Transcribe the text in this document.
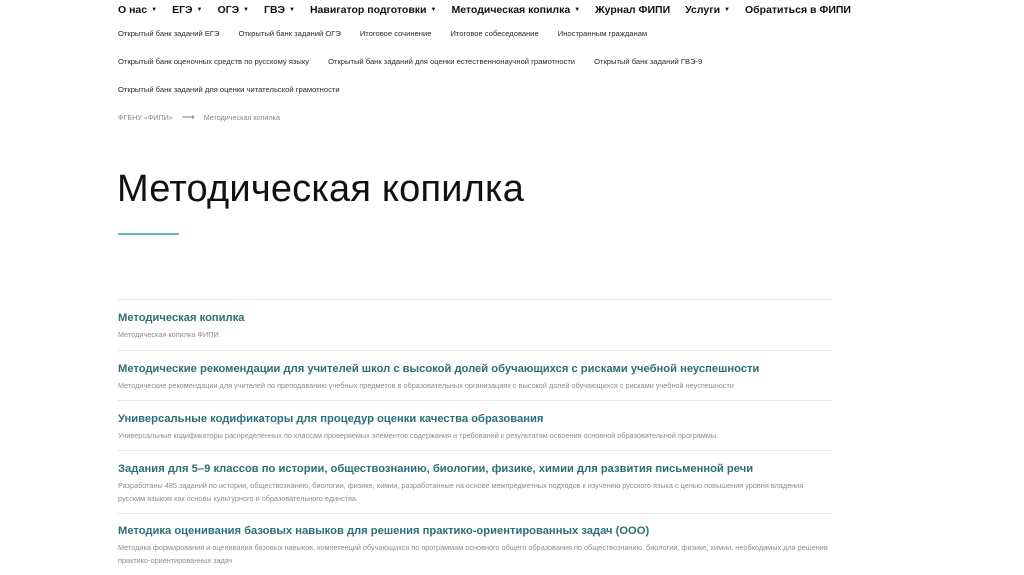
О нас ▼ ЕГЭ ▼ ОГЭ ▼ ГВЭ ▼ Навигатор подготовки ▼ Методическая копилка ▼ Журнал ФИПИ Услуги ▼ Обратиться в ФИПИ
Открытый банк заданий ЕГЭ	Открытый банк заданий ОГЭ	Итоговое сочинение	Итоговое собеседование	Иностранным гражданам
Открытый банк оценочных средств по русскому языку	Открытый банк заданий для оценки естественнонаучной грамотности	Открытый банк заданий ГВЭ-9
Открытый банк заданий для оценки читательской грамотности
ФГБНУ «ФИПИ» ⟶ Методическая копилка
Методическая копилка
Методическая копилка
Методическая копилка ФИПИ
Методические рекомендации для учителей школ с высокой долей обучающихся с рисками учебной неуспешности
Методические рекомендации для учителей по преподаванию учебных предметов в образовательных организациях с высокой долей обучающихся с рисками учебной неуспешности
Универсальные кодификаторы для процедур оценки качества образования
Универсальные кодификаторы распределенных по классам проверяемых элементов содержания и требований к результатам освоения основной образовательной программы.
Задания для 5–9 классов по истории, обществознанию, биологии, физике, химии для развития письменной речи
Разработаны 485 заданий по истории, обществознанию, биологии, физике, химии, разработанные на основе межпредметных подходов к изучению русского языка с целью повышения уровня владения русским языком как основы культурного и образовательного единства.
Методика оценивания базовых навыков для решения практико-ориентированных задач (ООО)
Методика формирования и оценивания базовых навыков, компетенций обучающихся по программам основного общего образования по обществознанию, биологии, физике, химии, необходимых для решения практико-ориентированных задач
